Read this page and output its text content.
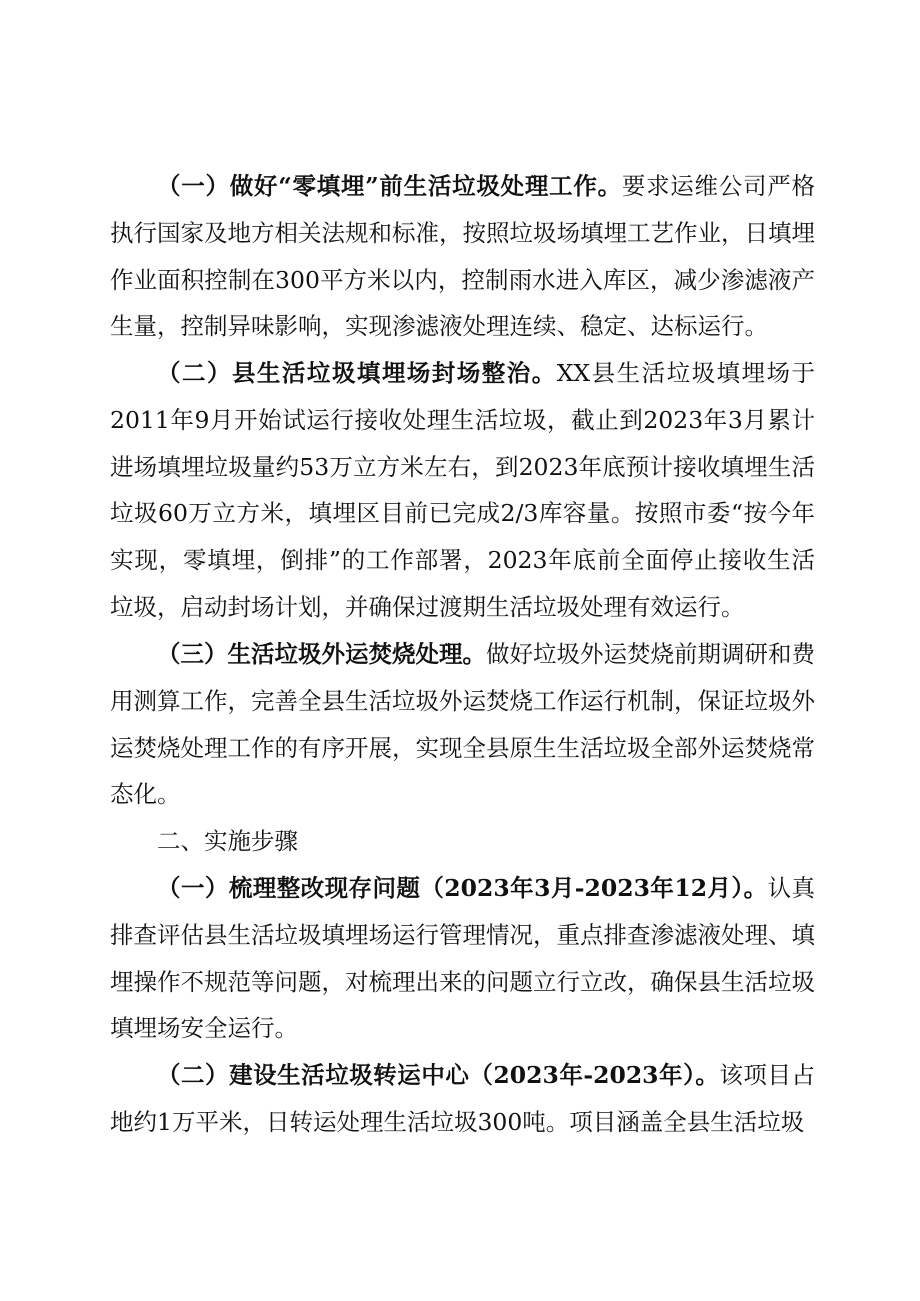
（一）做好“零填埋”前生活垃圾处理工作。要求运维公司严格执行国家及地方相关法规和标准，按照垃圾场填埋工艺作业，日填埋作业面积控制在300平方米以内，控制雨水进入库区，减少渗滤液产生量，控制异味影响，实现渗滤液处理连续、稳定、达标运行。

（二）县生活垃圾填埋场封场整治。XX县生活垃圾填埋场于2011年9月开始试运行接收处理生活垃圾，截止到2023年3月累计进场填埋垃圾量约53万立方米左右，到2023年底预计接收填埋生活垃圾60万立方米，填埋区目前已完成2/3库容量。按照市委“按今年实现，零填埋，倒排”的工作部署，2023年底前全面停止接收生活垃圾，启动封场计划，并确保过渡期生活垃圾处理有效运行。

（三）生活垃圾外运焚烧处理。做好垃圾外运焚烧前期调研和费用测算工作，完善全县生活垃圾外运焚烧工作运行机制，保证垃圾外运焚烧处理工作的有序开展，实现全县原生生活垃圾全部外运焚烧常态化。

二、实施步骤

（一）梳理整改现存问题（2023年3月-2023年12月）。认真排查评估县生活垃圾填埋场运行管理情况，重点排查渗滤液处理、填埋操作不规范等问题，对梳理出来的问题立行立改，确保县生活垃圾填埋场安全运行。

（二）建设生活垃圾转运中心（2023年-2023年）。该项目占地约1万平米，日转运处理生活垃圾300吨。项目涵盖全县生活垃圾
